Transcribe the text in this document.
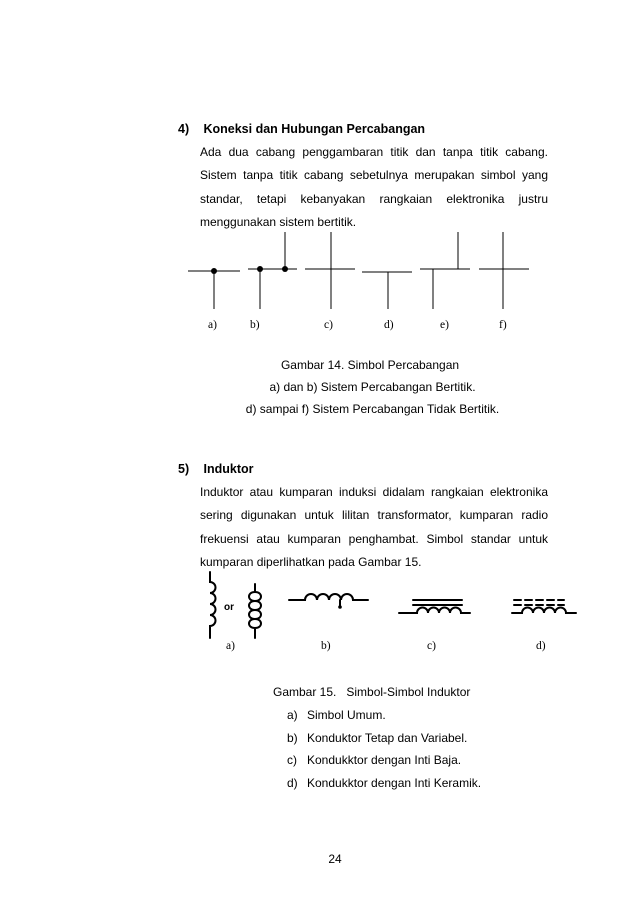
4) Koneksi dan Hubungan Percabangan
Ada dua cabang penggambaran titik dan tanpa titik cabang.
Sistem tanpa titik cabang sebetulnya merupakan simbol yang
standar, tetapi kebanyakan rangkaian elektronika justru
menggunakan sistem bertitik.
a)	b)	c)	d)	e)	f)
Gambar 14. Simbol Percabangan
a) dan b) Sistem Percabangan Bertitik.
d) sampai f) Sistem Percabangan Tidak Bertitik.
5) Induktor
Induktor atau kumparan induksi didalam rangkaian elektronika
sering digunakan untuk lilitan transformator, kumparan radio
frekuensi atau kumparan penghambat. Simbol standar untuk
kumparan diperlihatkan pada Gambar 15.
or
a)	b)	c)	d)
Gambar 15.   Simbol-Simbol Induktor
a) Simbol Umum.
b) Konduktor Tetap dan Variabel.
c) Kondukktor dengan Inti Baja.
d) Kondukktor dengan Inti Keramik.
24
